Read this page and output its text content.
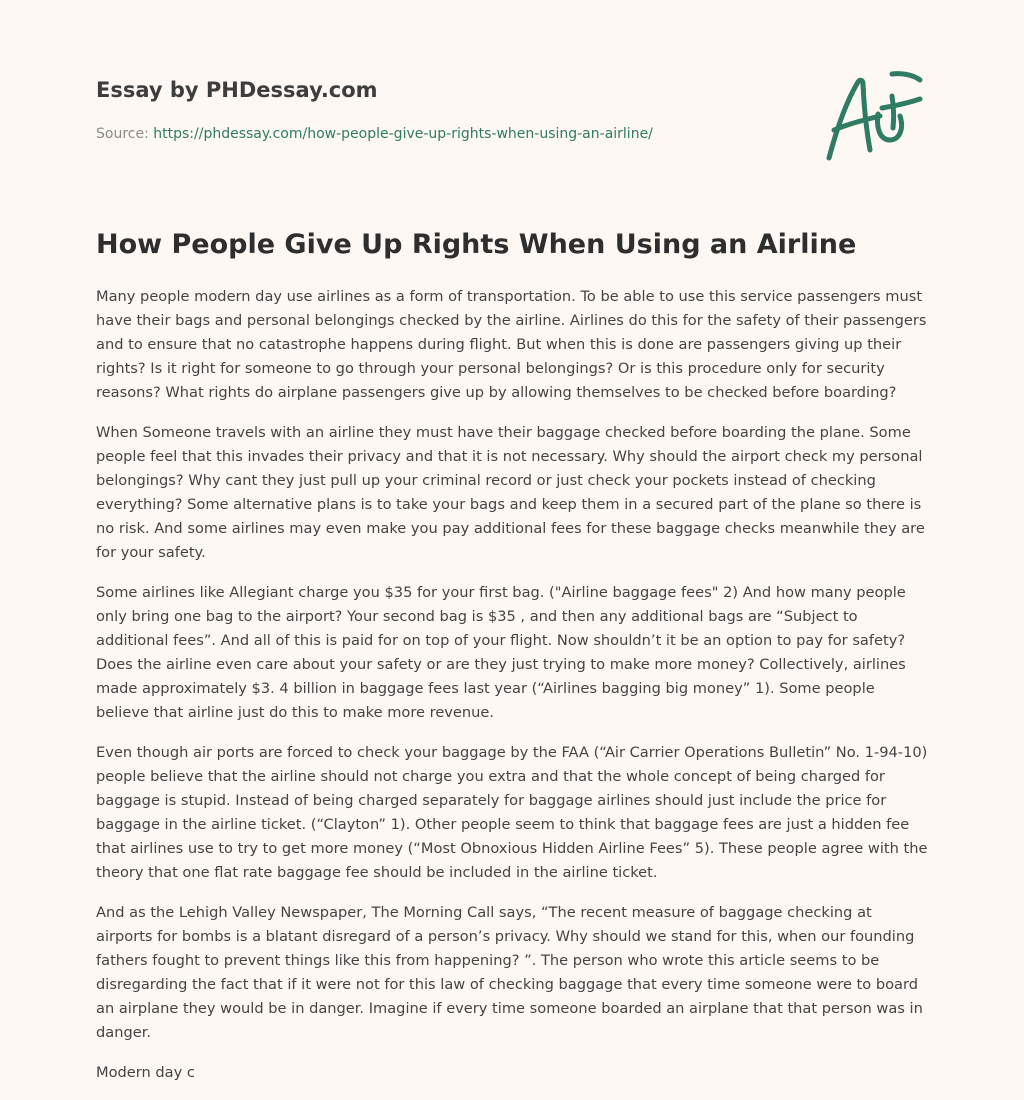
Essay by PHDessay.com
Source: https://phdessay.com/how-people-give-up-rights-when-using-an-airline/
How People Give Up Rights When Using an Airline

Many people modern day use airlines as a form of transportation. To be able to use this service passengers must have their bags and personal belongings checked by the airline. Airlines do this for the safety of their passengers and to ensure that no catastrophe happens during flight. But when this is done are passengers giving up their rights? Is it right for someone to go through your personal belongings? Or is this procedure only for security reasons? What rights do airplane passengers give up by allowing themselves to be checked before boarding?

When Someone travels with an airline they must have their baggage checked before boarding the plane. Some people feel that this invades their privacy and that it is not necessary. Why should the airport check my personal belongings? Why cant they just pull up your criminal record or just check your pockets instead of checking everything? Some alternative plans is to take your bags and keep them in a secured part of the plane so there is no risk. And some airlines may even make you pay additional fees for these baggage checks meanwhile they are for your safety.

Some airlines like Allegiant charge you $35 for your first bag. ("Airline baggage fees" 2) And how many people only bring one bag to the airport? Your second bag is $35 , and then any additional bags are “Subject to additional fees”. And all of this is paid for on top of your flight. Now shouldn’t it be an option to pay for safety? Does the airline even care about your safety or are they just trying to make more money? Collectively, airlines made approximately $3. 4 billion in baggage fees last year (“Airlines bagging big money” 1). Some people believe that airline just do this to make more revenue.

Even though air ports are forced to check your baggage by the FAA (“Air Carrier Operations Bulletin” No. 1-94-10) people believe that the airline should not charge you extra and that the whole concept of being charged for baggage is stupid. Instead of being charged separately for baggage airlines should just include the price for baggage in the airline ticket. (“Clayton” 1). Other people seem to think that baggage fees are just a hidden fee that airlines use to try to get more money (“Most Obnoxious Hidden Airline Fees” 5). These people agree with the theory that one flat rate baggage fee should be included in the airline ticket.

And as the Lehigh Valley Newspaper, The Morning Call says, “The recent measure of baggage checking at airports for bombs is a blatant disregard of a person’s privacy. Why should we stand for this, when our founding fathers fought to prevent things like this from happening? ”. The person who wrote this article seems to be disregarding the fact that if it were not for this law of checking baggage that every time someone were to board an airplane they would be in danger. Imagine if every time someone boarded an airplane that that person was in danger.

Modern day c
